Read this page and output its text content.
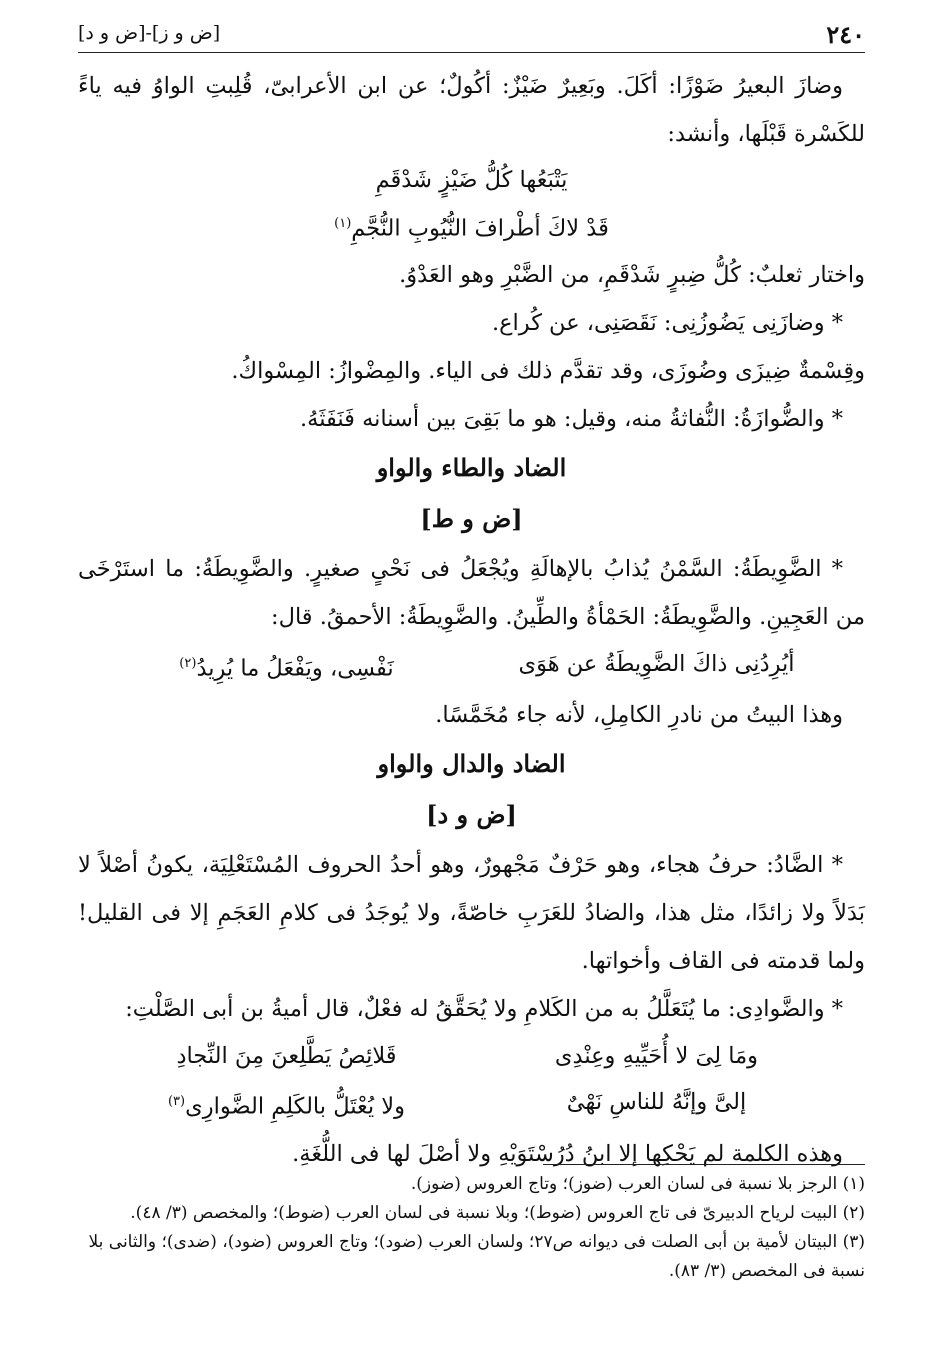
٢٤٠
[ض و ز]-[ض و د]

وضازَ البعيرُ ضَوْزًا: أكَلَ. وبَعِيرٌ ضَيْزٌ: أكُولٌ؛ عن ابن الأعرابىّ، قُلِبتِ الواوُ فيه ياءً للكَسْرة قَبْلَها، وأنشد:

يَتْبَعُها كُلُّ ضَيْزٍ شَدْقَمِ

قَدْ لاكَ أطْرافَ النُّيُوبِ النُّجَّمِ$^{(١)}$

واختار ثعلبٌ: كُلُّ ضِبرٍ شَدْقَمِ، من الضَّبْرِ وهو العَدْوُ.

* وضازَنِى يَضُوزُنِى: نَقَصَنِى، عن كُراع.

وقِسْمةٌ ضِيزَى وضُوزَى، وقد تقدَّم ذلك فى الياء. والمِضْوازُ: المِسْواكُ.

* والضُّوازَةُ: النُّفاثةُ منه، وقيل: هو ما بَقِىَ بين أسنانه فَنَفَثَهُ.

الضاد والطاء والواو

[ض و ط]

* الضَّوِيطَةُ: السَّمْنُ يُذابُ بالإهالَةِ ويُجْعَلُ فى نَحْىٍ صغيرٍ. والضَّوِيطَةُ: ما استَرْخَى من العَجِينِ. والضَّوِيطَةُ: الحَمْأةُ والطِّينُ. والضَّوِيطَةُ: الأحمقُ. قال:

أيُرِدُنِى ذاكَ الضَّوِيطَةُ عن هَوَى
نَفْسِى، ويَفْعَلُ ما يُرِيدُ$^{(٢)}$

وهذا البيتُ من نادرِ الكامِلِ، لأنه جاء مُخَمَّسًا.

الضاد والدال والواو

[ض و د]

* الضَّادُ: حرفُ هجاء، وهو حَرْفٌ مَجْهورٌ، وهو أحدُ الحروف المُسْتَعْلِيَة، يكونُ أصْلاً لا بَدَلاً ولا زائدًا، مثل هذا، والضادُ للعَرَبِ خاصّةً، ولا يُوجَدُ فى كلامِ العَجَمِ إلا فى القليل! ولما قدمته فى القاف وأخواتها.

* والضَّوادِى: ما يُتَعَلَّلُ به من الكَلامِ ولا يُحَقَّقُ له فعْلٌ، قال أميةُ بن أبى الصَّلْتِ:

ومَا لِىَ لا أُحَيِّيهِ وعِنْدِى
قَلائِصُ يَطَّلِعنَ مِنَ النِّجادِ
إلىَّ وإنَّهُ للناسِ نَهْىٌ
ولا يُعْتَلُّ بالكَلِمِ الضَّوارِى$^{(٣)}$

وهذه الكلمة لم يَحْكِها إلا ابنُ دُرُسْتَوَيْهِ ولا أصْلَ لها فى اللُّغَةِ.

(١) الرجز بلا نسبة فى لسان العرب (ضوز)؛ وتاج العروس (ضوز).

(٢) البيت لرياح الدبيرىّ فى تاج العروس (ضوط)؛ وبلا نسبة فى لسان العرب (ضوط)؛ والمخصص (٣/ ٤٨).

(٣) البيتان لأمية بن أبى الصلت فى ديوانه ص٢٧؛ ولسان العرب (ضود)؛ وتاج العروس (ضود)، (ضدى)؛ والثانى بلا نسبة فى المخصص (٣/ ٨٣).
